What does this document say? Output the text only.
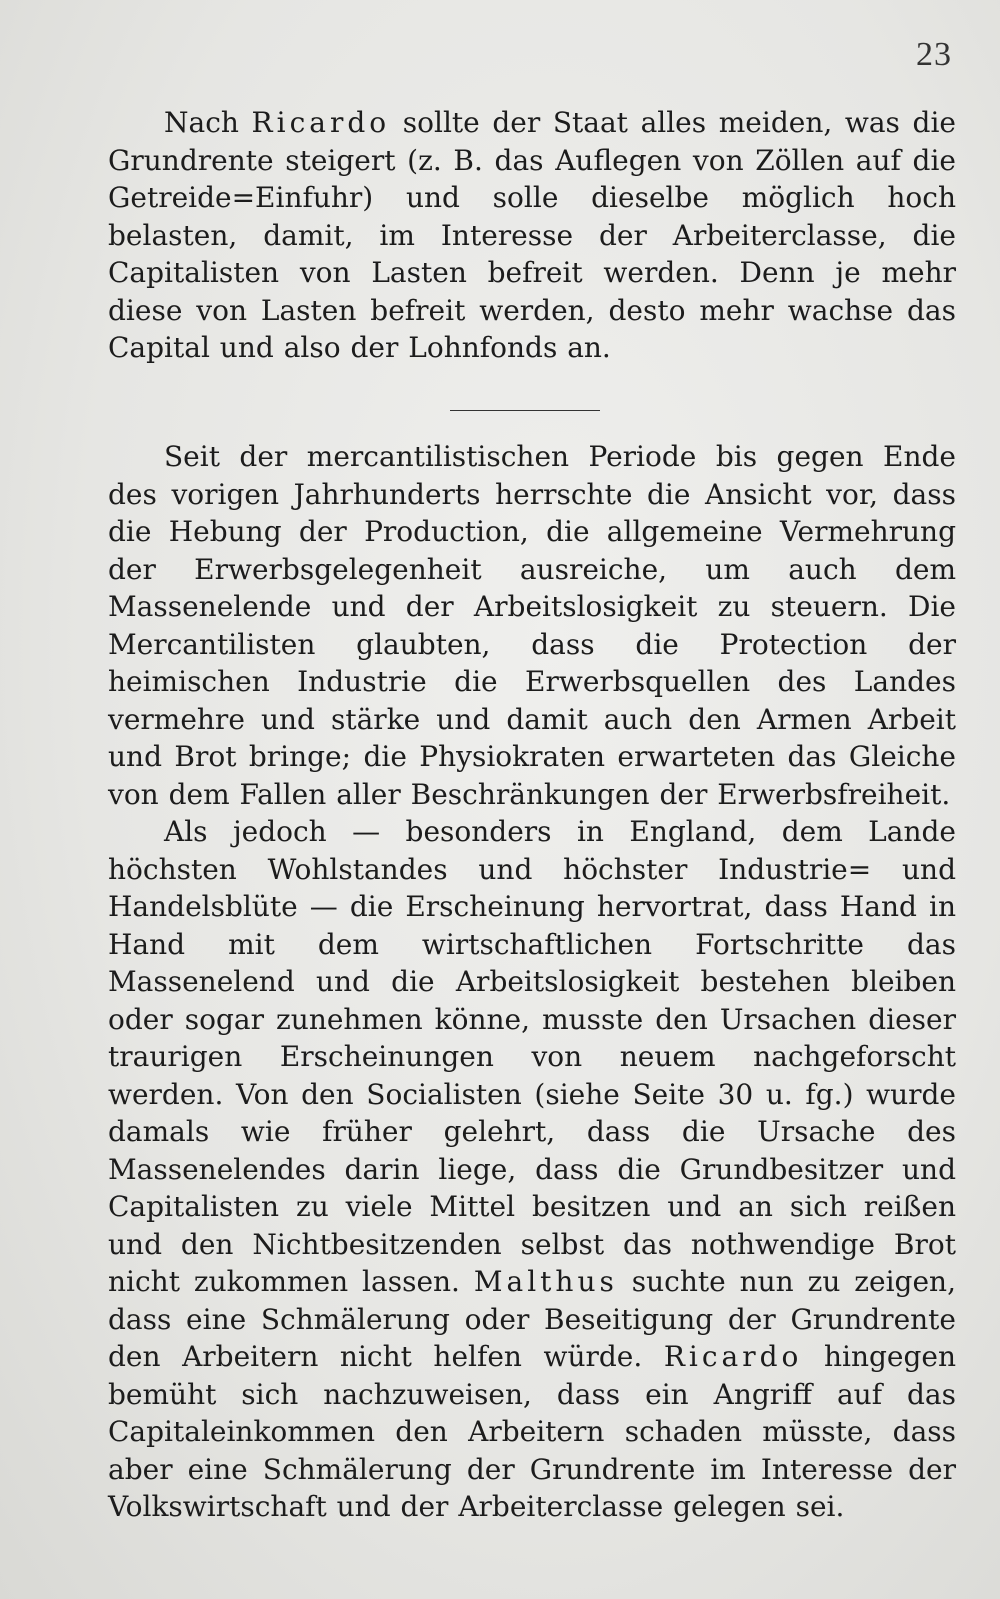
23

Nach Ricardo sollte der Staat alles meiden, was die Grundrente steigert (z. B. das Auflegen von Zöllen auf die Getreide=Einfuhr) und solle dieselbe möglich hoch belasten, damit, im Interesse der Arbeiterclasse, die Capitalisten von Lasten befreit werden. Denn je mehr diese von Lasten befreit werden, desto mehr wachse das Capital und also der Lohnfonds an.

Seit der mercantilistischen Periode bis gegen Ende des vorigen Jahrhunderts herrschte die Ansicht vor, dass die Hebung der Production, die allgemeine Vermehrung der Erwerbsgelegenheit ausreiche, um auch dem Massenelende und der Arbeitslosigkeit zu steuern. Die Mercantilisten glaubten, dass die Protection der heimischen Industrie die Erwerbsquellen des Landes vermehre und stärke und damit auch den Armen Arbeit und Brot bringe; die Physiokraten erwarteten das Gleiche von dem Fallen aller Beschränkungen der Erwerbsfreiheit.

Als jedoch — besonders in England, dem Lande höchsten Wohlstandes und höchster Industrie= und Handelsblüte — die Erscheinung hervortrat, dass Hand in Hand mit dem wirtschaftlichen Fortschritte das Massenelend und die Arbeitslosigkeit bestehen bleiben oder sogar zunehmen könne, musste den Ursachen dieser traurigen Erscheinungen von neuem nachgeforscht werden. Von den Socialisten (siehe Seite 30 u. fg.) wurde damals wie früher gelehrt, dass die Ursache des Massenelendes darin liege, dass die Grundbesitzer und Capitalisten zu viele Mittel besitzen und an sich reißen und den Nichtbesitzenden selbst das nothwendige Brot nicht zukommen lassen. Malthus suchte nun zu zeigen, dass eine Schmälerung oder Beseitigung der Grundrente den Arbeitern nicht helfen würde. Ricardo hingegen bemüht sich nachzuweisen, dass ein Angriff auf das Capitaleinkommen den Arbeitern schaden müsste, dass aber eine Schmälerung der Grundrente im Interesse der Volkswirtschaft und der Arbeiterclasse gelegen sei.
